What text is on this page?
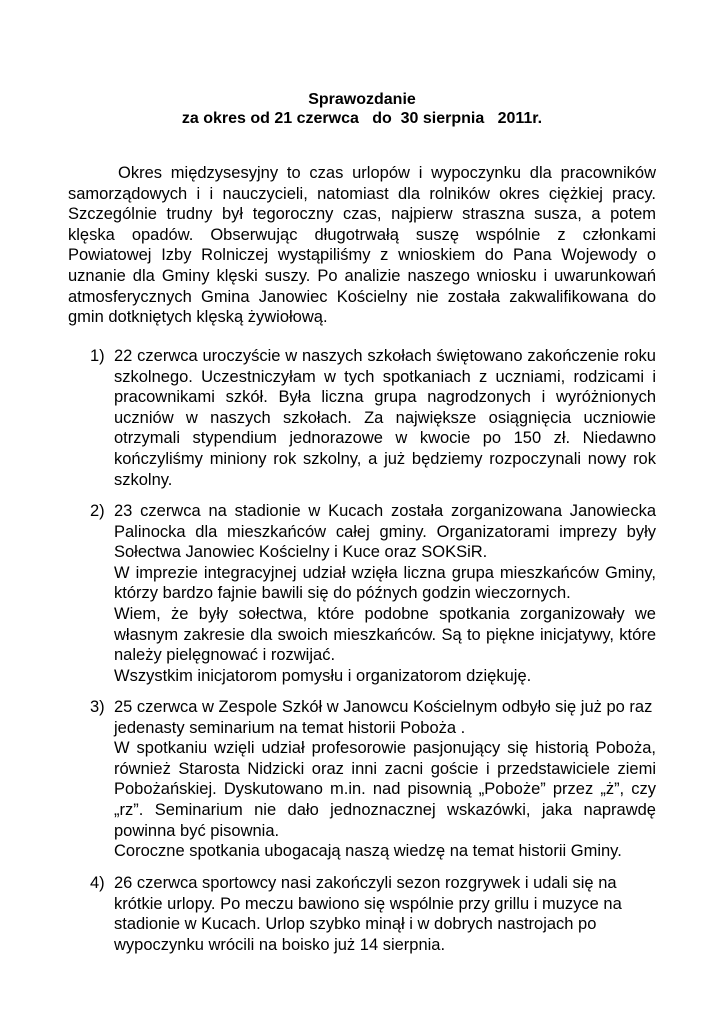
Sprawozdanie
za okres od 21 czerwca   do  30 sierpnia   2011r.

Okres międzysesyjny to czas urlopów i wypoczynku dla pracowników samorządowych i i nauczycieli, natomiast dla rolników okres ciężkiej pracy. Szczególnie trudny był tegoroczny czas, najpierw straszna susza, a potem klęska opadów. Obserwując długotrwałą suszę wspólnie z członkami Powiatowej Izby Rolniczej wystąpiliśmy z wnioskiem do Pana Wojewody o uznanie dla Gminy klęski suszy. Po analizie naszego wniosku i uwarunkowań atmosferycznych Gmina Janowiec Kościelny nie została zakwalifikowana do gmin dotkniętych klęską żywiołową.

1) 22 czerwca uroczyście w naszych szkołach świętowano zakończenie roku szkolnego. Uczestniczyłam w tych spotkaniach z uczniami, rodzicami i pracownikami szkół. Była liczna grupa nagrodzonych i wyróżnionych uczniów w naszych szkołach. Za największe osiągnięcia uczniowie otrzymali stypendium jednorazowe w kwocie po 150 zł. Niedawno kończyliśmy miniony rok szkolny, a już będziemy rozpoczynali nowy rok szkolny.

2) 23 czerwca na stadionie w Kucach została zorganizowana Janowiecka Palinocka dla mieszkańców całej gminy. Organizatorami imprezy były Sołectwa Janowiec Kościelny i Kuce oraz SOKSiR.

W imprezie integracyjnej udział wzięła liczna grupa mieszkańców Gminy, którzy bardzo fajnie bawili się do późnych godzin wieczornych.

Wiem, że były sołectwa, które podobne spotkania zorganizowały we własnym zakresie dla swoich mieszkańców. Są to piękne inicjatywy, które należy pielęgnować i rozwijać.

Wszystkim inicjatorom pomysłu i organizatorom dziękuję.

3) 25 czerwca w Zespole Szkół w Janowcu Kościelnym odbyło się już po raz jedenasty seminarium na temat historii Poboża .

W spotkaniu wzięli udział profesorowie pasjonujący się historią Poboża, również Starosta Nidzicki oraz inni zacni goście i przedstawiciele ziemi Pobożańskiej. Dyskutowano m.in. nad pisownią „Poboże” przez „ż”, czy „rz”. Seminarium nie dało jednoznacznej wskazówki, jaka naprawdę powinna być pisownia.

Coroczne spotkania ubogacają naszą wiedzę na temat historii Gminy.

4) 26 czerwca sportowcy nasi zakończyli sezon rozgrywek i udali się na krótkie urlopy. Po meczu bawiono się wspólnie przy grillu i muzyce na stadionie w Kucach. Urlop szybko minął i w dobrych nastrojach po wypoczynku wrócili na boisko już 14 sierpnia.
